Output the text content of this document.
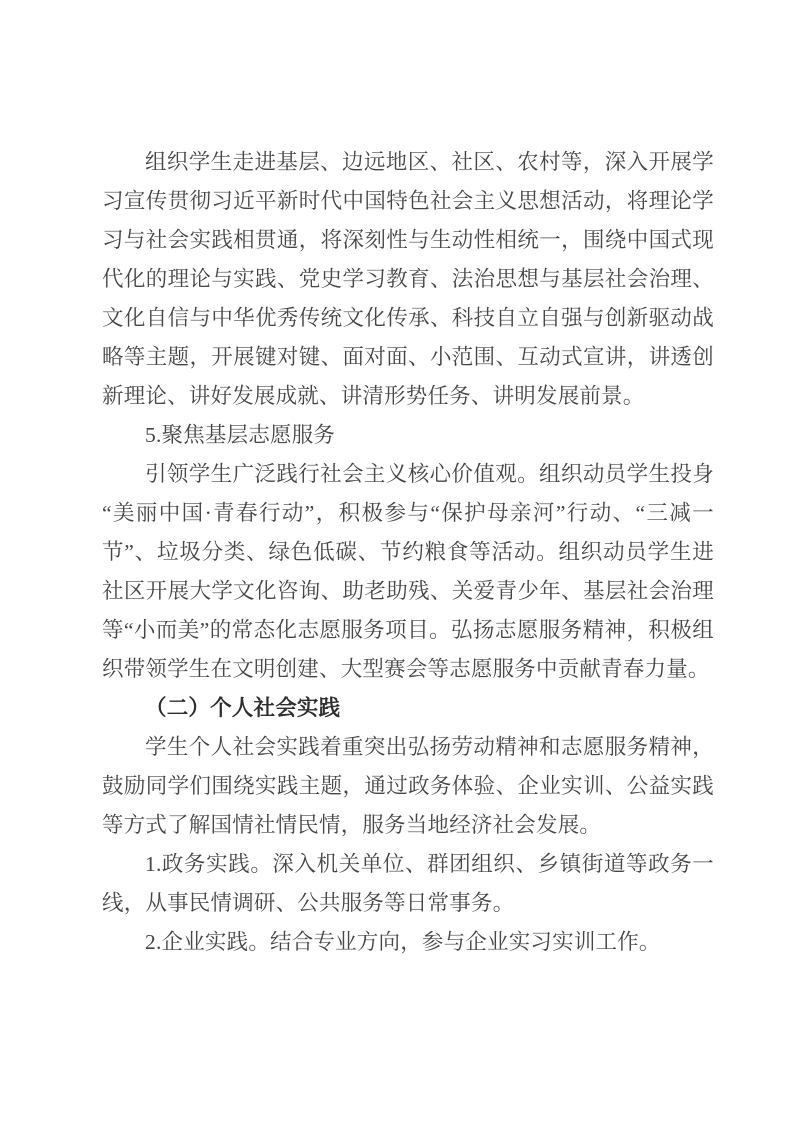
组织学生走进基层、边远地区、社区、农村等，深入开展学习宣传贯彻习近平新时代中国特色社会主义思想活动，将理论学习与社会实践相贯通，将深刻性与生动性相统一，围绕中国式现代化的理论与实践、党史学习教育、法治思想与基层社会治理、文化自信与中华优秀传统文化传承、科技自立自强与创新驱动战略等主题，开展键对键、面对面、小范围、互动式宣讲，讲透创新理论、讲好发展成就、讲清形势任务、讲明发展前景。

5.聚焦基层志愿服务

引领学生广泛践行社会主义核心价值观。组织动员学生投身“美丽中国·青春行动”，积极参与“保护母亲河”行动、“三减一节”、垃圾分类、绿色低碳、节约粮食等活动。组织动员学生进社区开展大学文化咨询、助老助残、关爱青少年、基层社会治理等“小而美”的常态化志愿服务项目。弘扬志愿服务精神，积极组织带领学生在文明创建、大型赛会等志愿服务中贡献青春力量。

（二）个人社会实践

学生个人社会实践着重突出弘扬劳动精神和志愿服务精神，鼓励同学们围绕实践主题，通过政务体验、企业实训、公益实践等方式了解国情社情民情，服务当地经济社会发展。

1.政务实践。深入机关单位、群团组织、乡镇街道等政务一线，从事民情调研、公共服务等日常事务。

2.企业实践。结合专业方向，参与企业实习实训工作。
